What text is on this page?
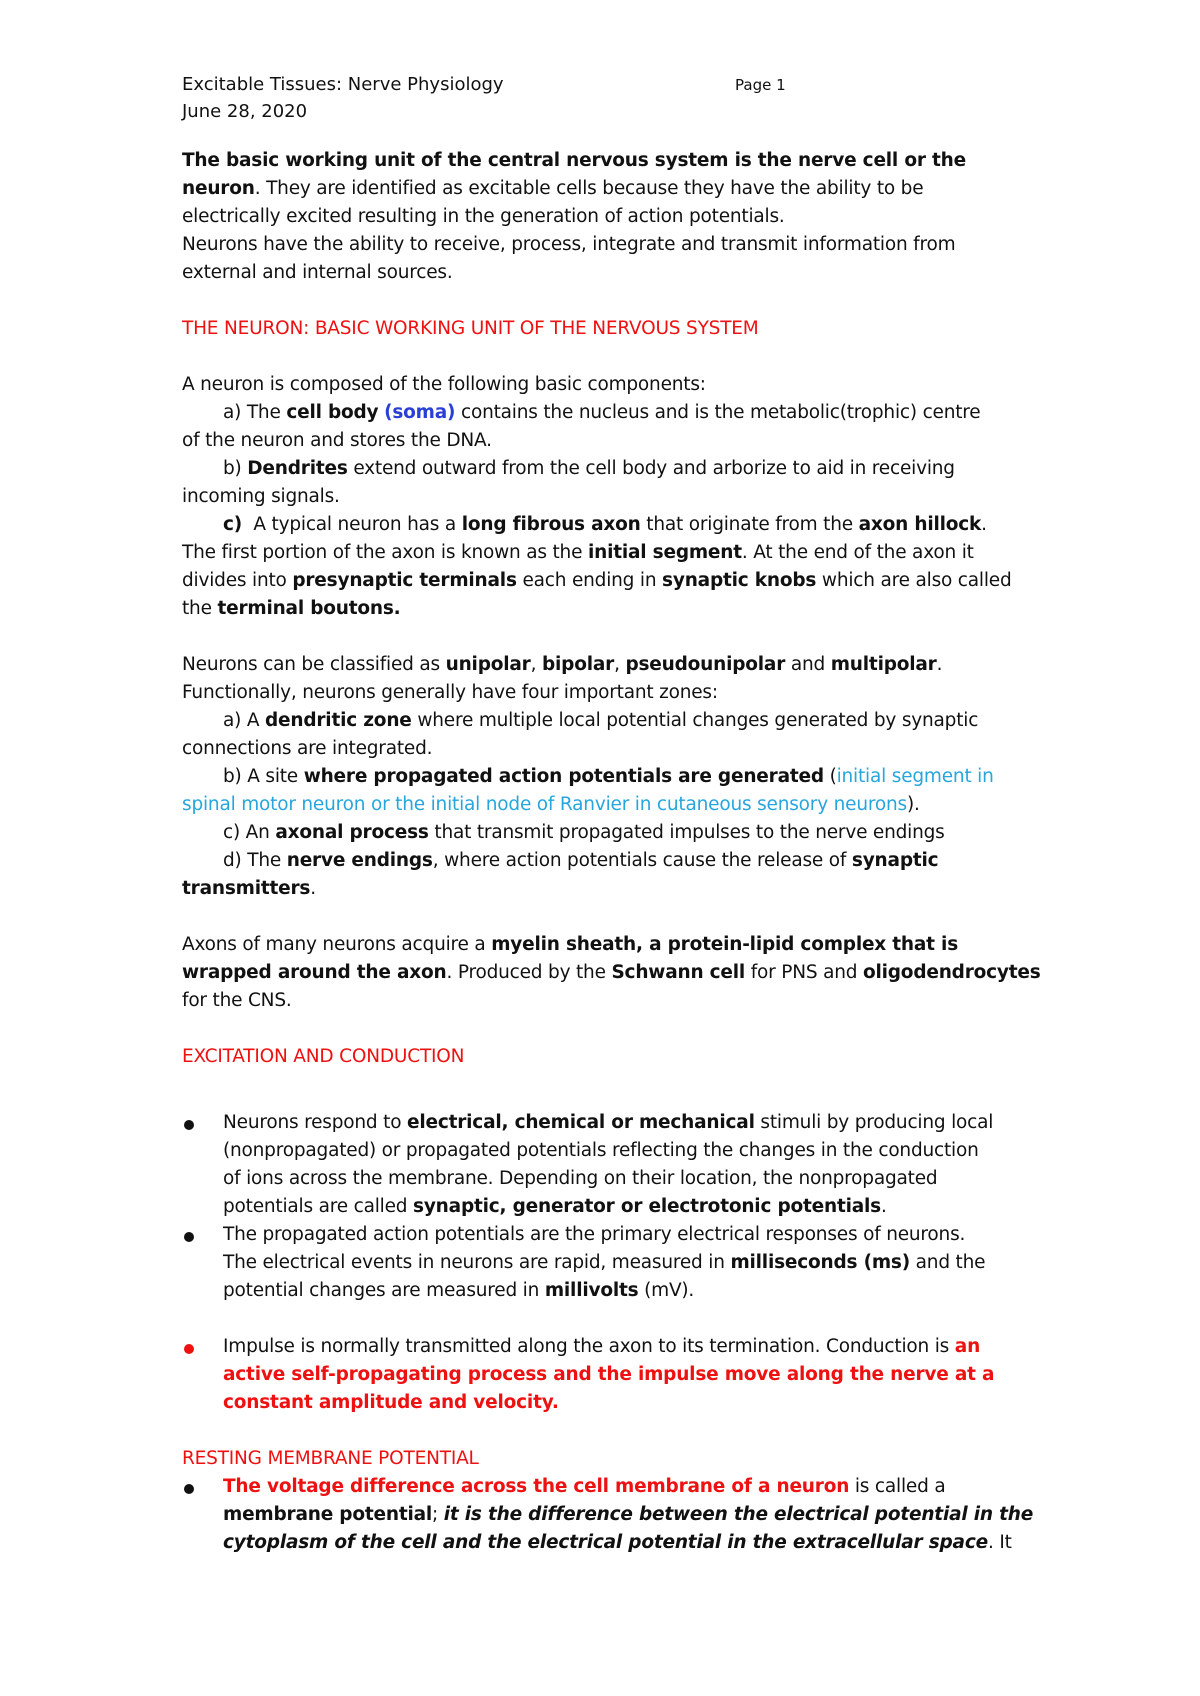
Excitable Tissues: Nerve Physiology	Page 1
June 28, 2020
The basic working unit of the central nervous system is the nerve cell or the
neuron. They are identified as excitable cells because they have the ability to be
electrically excited resulting in the generation of action potentials.
Neurons have the ability to receive, process, integrate and transmit information from
external and internal sources.
THE NEURON: BASIC WORKING UNIT OF THE NERVOUS SYSTEM
A neuron is composed of the following basic components:
a) The cell body (soma) contains the nucleus and is the metabolic(trophic) centre
of the neuron and stores the DNA.
b) Dendrites extend outward from the cell body and arborize to aid in receiving
incoming signals.
c)  A typical neuron has a long fibrous axon that originate from the axon hillock.
The first portion of the axon is known as the initial segment. At the end of the axon it
divides into presynaptic terminals each ending in synaptic knobs which are also called
the terminal boutons.
Neurons can be classified as unipolar, bipolar, pseudounipolar and multipolar.
Functionally, neurons generally have four important zones:
a) A dendritic zone where multiple local potential changes generated by synaptic
connections are integrated.
b) A site where propagated action potentials are generated (initial segment in
spinal motor neuron or the initial node of Ranvier in cutaneous sensory neurons).
c) An axonal process that transmit propagated impulses to the nerve endings
d) The nerve endings, where action potentials cause the release of synaptic
transmitters.
Axons of many neurons acquire a myelin sheath, a protein-lipid complex that is
wrapped around the axon. Produced by the Schwann cell for PNS and oligodendrocytes
for the CNS.
EXCITATION AND CONDUCTION
Neurons respond to electrical, chemical or mechanical stimuli by producing local
(nonpropagated) or propagated potentials reflecting the changes in the conduction
of ions across the membrane. Depending on their location, the nonpropagated
potentials are called synaptic, generator or electrotonic potentials.
The propagated action potentials are the primary electrical responses of neurons.
The electrical events in neurons are rapid, measured in milliseconds (ms) and the
potential changes are measured in millivolts (mV).
Impulse is normally transmitted along the axon to its termination. Conduction is an
active self-propagating process and the impulse move along the nerve at a
constant amplitude and velocity.
RESTING MEMBRANE POTENTIAL
The voltage difference across the cell membrane of a neuron is called a
membrane potential; it is the difference between the electrical potential in the
cytoplasm of the cell and the electrical potential in the extracellular space. It
